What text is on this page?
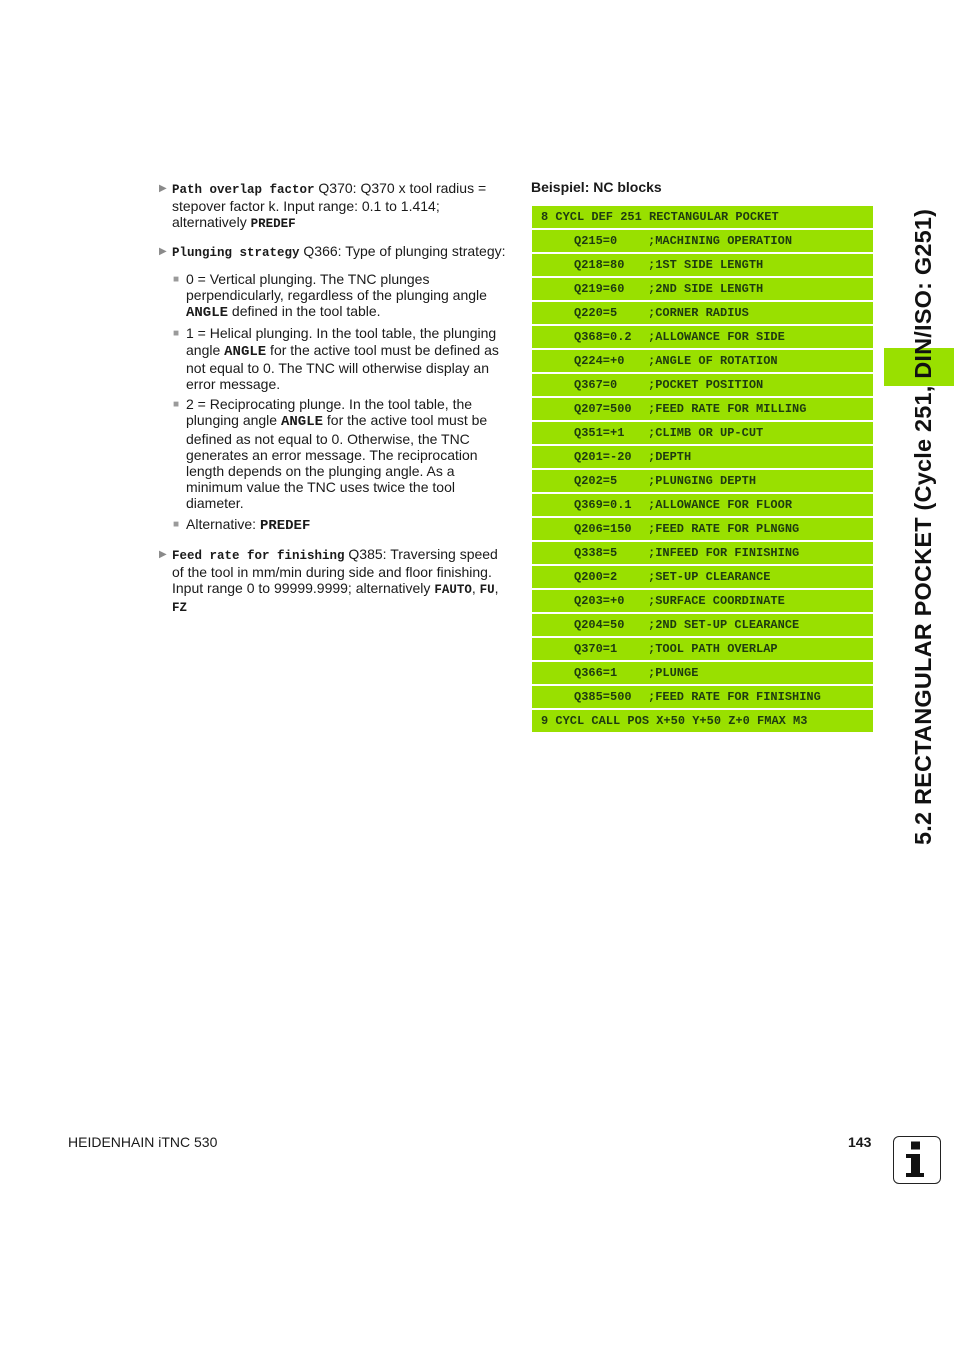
▶ Path overlap factor Q370: Q370 x tool radius = stepover factor k. Input range: 0.1 to 1.414; alternatively PREDEF
▶ Plunging strategy Q366: Type of plunging strategy:
■ 0 = Vertical plunging. The TNC plunges perpendicularly, regardless of the plunging angle ANGLE defined in the tool table.
■ 1 = Helical plunging. In the tool table, the plunging angle ANGLE for the active tool must be defined as not equal to 0. The TNC will otherwise display an error message.
■ 2 = Reciprocating plunge. In the tool table, the plunging angle ANGLE for the active tool must be defined as not equal to 0. Otherwise, the TNC generates an error message. The reciprocation length depends on the plunging angle. As a minimum value the TNC uses twice the tool diameter.
■ Alternative: PREDEF
▶ Feed rate for finishing Q385: Traversing speed of the tool in mm/min during side and floor finishing. Input range 0 to 99999.9999; alternatively FAUTO, FU, FZ
Beispiel: NC blocks
8 CYCL DEF 251 RECTANGULAR POCKET
Q215=0	;MACHINING OPERATION
Q218=80	;1ST SIDE LENGTH
Q219=60	;2ND SIDE LENGTH
Q220=5	;CORNER RADIUS
Q368=0.2	;ALLOWANCE FOR SIDE
Q224=+0	;ANGLE OF ROTATION
Q367=0	;POCKET POSITION
Q207=500	;FEED RATE FOR MILLING
Q351=+1	;CLIMB OR UP-CUT
Q201=-20	;DEPTH
Q202=5	;PLUNGING DEPTH
Q369=0.1	;ALLOWANCE FOR FLOOR
Q206=150	;FEED RATE FOR PLNGNG
Q338=5	;INFEED FOR FINISHING
Q200=2	;SET-UP CLEARANCE
Q203=+0	;SURFACE COORDINATE
Q204=50	;2ND SET-UP CLEARANCE
Q370=1	;TOOL PATH OVERLAP
Q366=1	;PLUNGE
Q385=500	;FEED RATE FOR FINISHING
9 CYCL CALL POS X+50 Y+50 Z+0 FMAX M3	5.2 RECTANGULAR POCKET (Cycle 251, DIN/ISO: G251)
HEIDENHAIN iTNC 530	143
